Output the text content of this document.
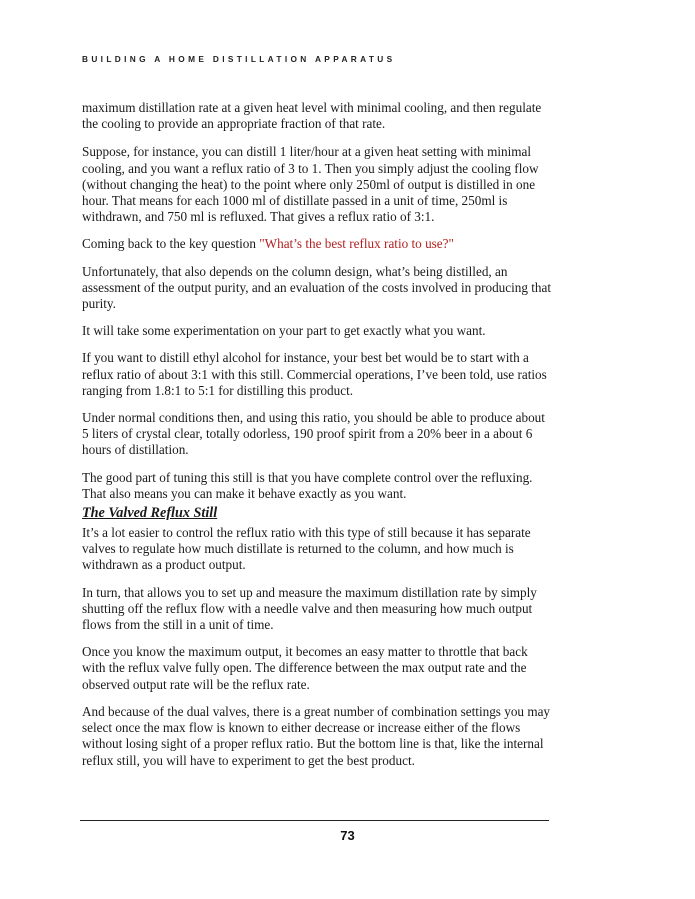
BUILDING A HOME DISTILLATION APPARATUS

maximum distillation rate at a given heat level with minimal cooling, and then regulate the cooling to provide an appropriate fraction of that rate.

Suppose, for instance, you can distill 1 liter/hour at a given heat setting with minimal cooling, and you want a reflux ratio of 3 to 1. Then you simply adjust the cooling flow (without changing the heat) to the point where only 250ml of output is distilled in one hour. That means for each 1000 ml of distillate passed in a unit of time, 250ml is withdrawn, and 750 ml is refluxed. That gives a reflux ratio of 3:1.

Coming back to the key question "What’s the best reflux ratio to use?"

Unfortunately, that also depends on the column design, what’s being distilled, an assessment of the output purity, and an evaluation of the costs involved in producing that purity.

It will take some experimentation on your part to get exactly what you want.

If you want to distill ethyl alcohol for instance, your best bet would be to start with a reflux ratio of about 3:1 with this still. Commercial operations, I’ve been told, use ratios ranging from 1.8:1 to 5:1 for distilling this product.

Under normal conditions then, and using this ratio, you should be able to produce about 5 liters of crystal clear, totally odorless, 190 proof spirit from a 20% beer in a about 6 hours of distillation.

The good part of tuning this still is that you have complete control over the refluxing. That also means you can make it behave exactly as you want.

The Valved Reflux Still

It’s a lot easier to control the reflux ratio with this type of still because it has separate valves to regulate how much distillate is returned to the column, and how much is withdrawn as a product output.

In turn, that allows you to set up and measure the maximum distillation rate by simply shutting off the reflux flow with a needle valve and then measuring how much output flows from the still in a unit of time.

Once you know the maximum output, it becomes an easy matter to throttle that back with the reflux valve fully open. The difference between the max output rate and the observed output rate will be the reflux rate.

And because of the dual valves, there is a great number of combination settings you may select once the max flow is known to either decrease or increase either of the flows without losing sight of a proper reflux ratio. But the bottom line is that, like the internal reflux still, you will have to experiment to get the best product.

73
